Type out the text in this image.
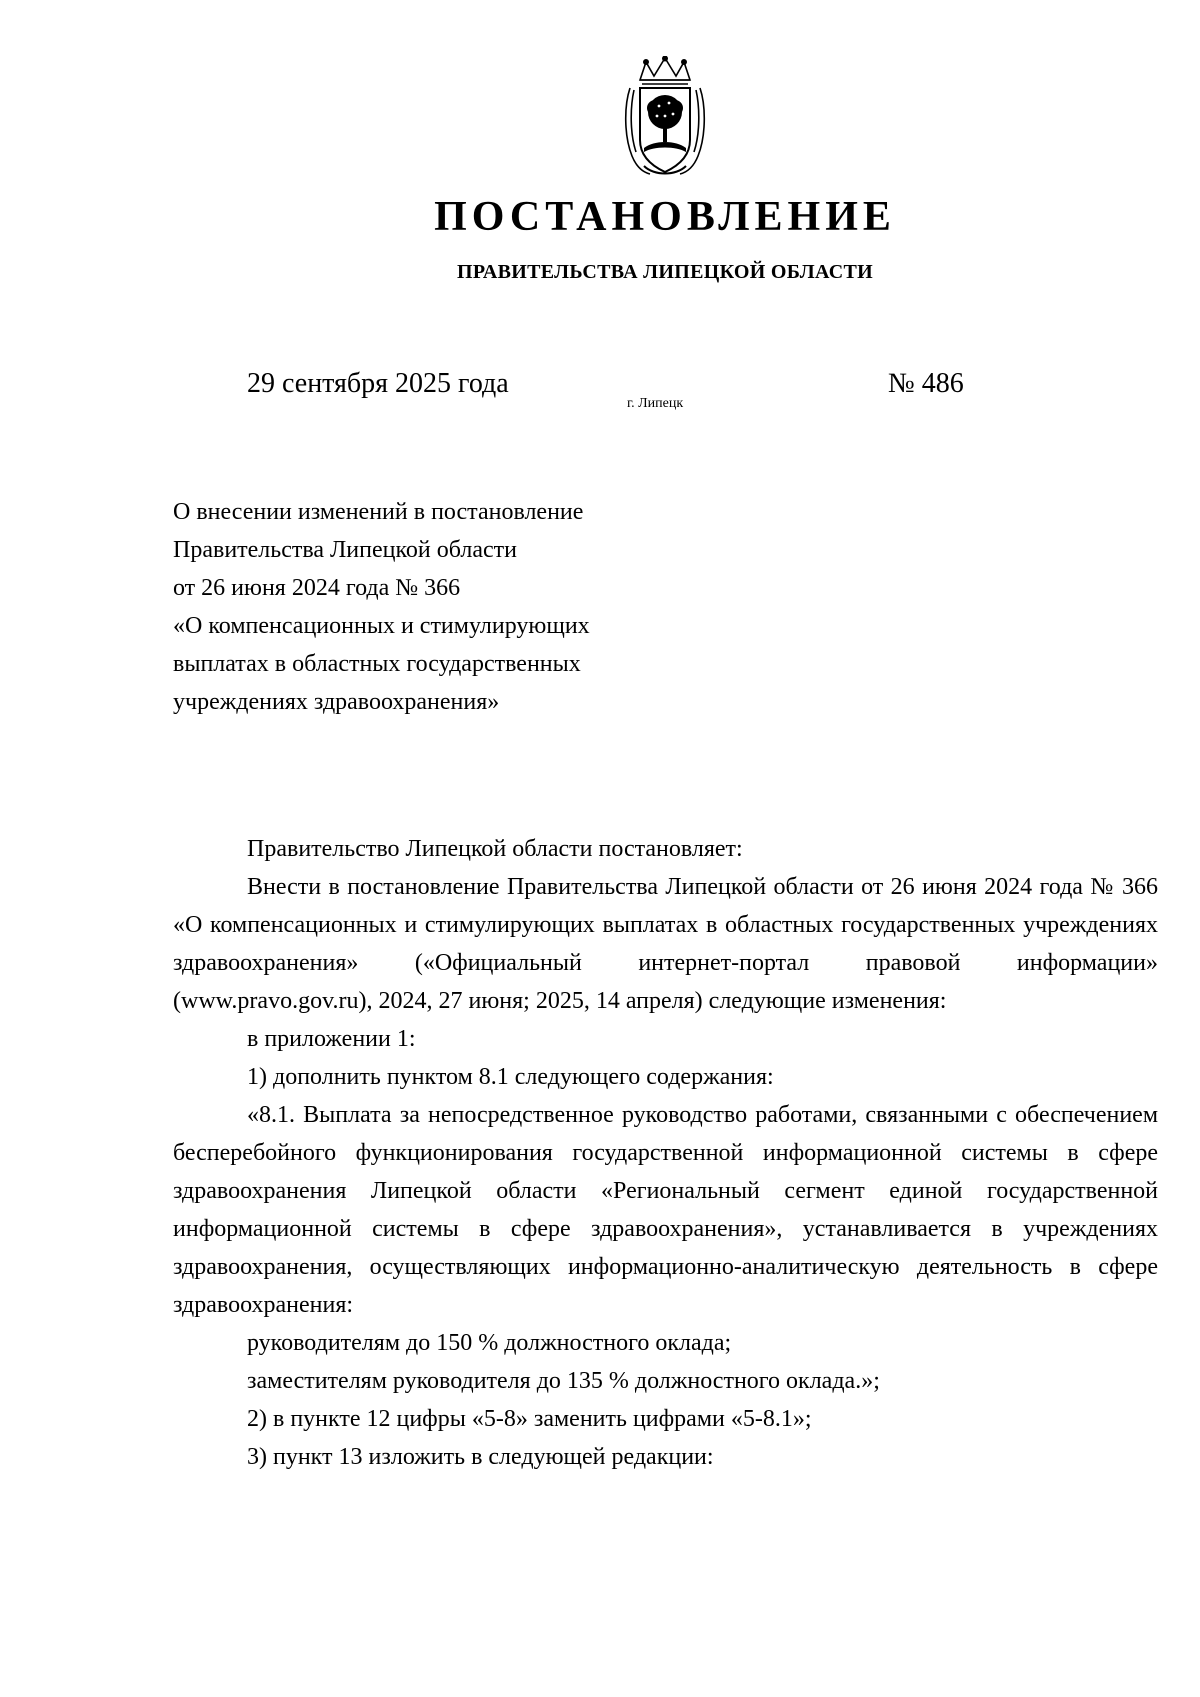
ПОСТАНОВЛЕНИЕ
ПРАВИТЕЛЬСТВА ЛИПЕЦКОЙ ОБЛАСТИ
29 сентября 2025 года
г. Липецк
№ 486
О внесении изменений в постановление
Правительства Липецкой области
от 26 июня 2024 года № 366
«О компенсационных и стимулирующих
выплатах в областных государственных
учреждениях здравоохранения»

Правительство Липецкой области постановляет:

Внести в постановление Правительства Липецкой области от 26 июня 2024 года № 366 «О компенсационных и стимулирующих выплатах в областных государственных учреждениях здравоохранения» («Официальный интернет-портал правовой информации» (www.pravo.gov.ru), 2024, 27 июня; 2025, 14 апреля) следующие изменения:

в приложении 1:

1) дополнить пунктом 8.1 следующего содержания:

«8.1. Выплата за непосредственное руководство работами, связанными с обеспечением бесперебойного функционирования государственной информационной системы в сфере здравоохранения Липецкой области «Региональный сегмент единой государственной информационной системы в сфере здравоохранения», устанавливается в учреждениях здравоохранения, осуществляющих информационно-аналитическую деятельность в сфере здравоохранения:

руководителям до 150 % должностного оклада;

заместителям руководителя до 135 % должностного оклада.»;

2) в пункте 12 цифры «5-8» заменить цифрами «5-8.1»;

3) пункт 13 изложить в следующей редакции:
